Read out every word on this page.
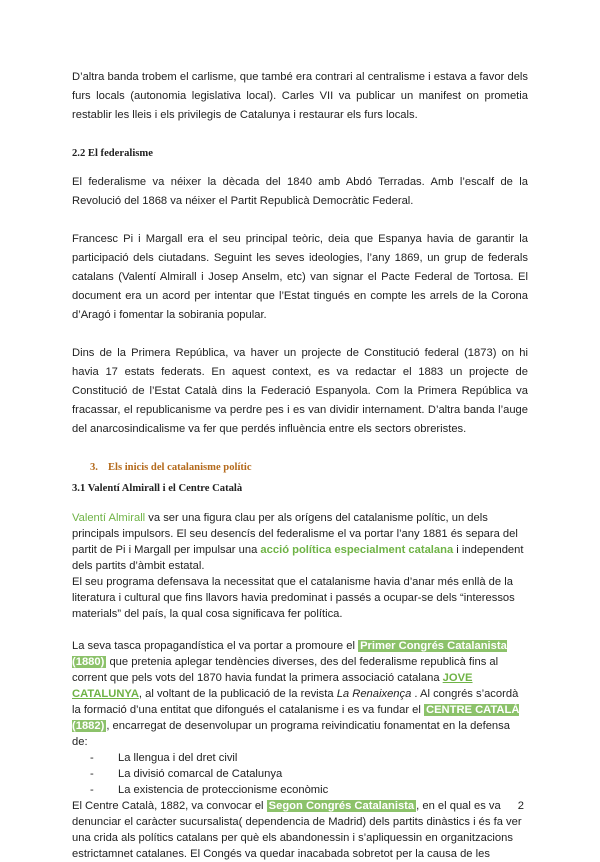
D’altra banda trobem el carlisme, que també era contrari al centralisme i estava a favor dels furs locals (autonomia legislativa local). Carles VII va publicar un manifest on prometia restablir les lleis i els privilegis de Catalunya i restaurar els furs locals.

2.2 El federalisme

El federalisme va néixer la dècada del 1840 amb Abdó Terradas. Amb l’escalf de la Revolució del 1868 va néixer el Partit Republicà Democràtic Federal.

Francesc Pi i Margall era el seu principal teòric, deia que Espanya havia de garantir la participació dels ciutadans. Seguint les seves ideologies, l’any 1869, un grup de federals catalans (Valentí Almirall i Josep Anselm, etc) van signar el Pacte Federal de Tortosa. El document era un acord per intentar que l’Estat tingués en compte les arrels de la Corona d’Aragó i fomentar la sobirania popular.

Dins de la Primera República, va haver un projecte de Constitució federal (1873) on hi havia 17 estats federats. En aquest context, es va redactar el 1883 un projecte de Constitució de l’Estat Català dins la Federació Espanyola. Com la Primera República va fracassar, el republicanisme va perdre pes i es van dividir internament. D’altra banda l’auge del anarcosindicalisme va fer que perdés influència entre els sectors obreristes.

3. Els inicis del catalanisme polític

3.1 Valentí Almirall i el Centre Català

Valentí Almirall va ser una figura clau per als orígens del catalanisme polític, un dels principals impulsors. El seu desencís del federalisme el va portar l’any 1881 és separa del partit de Pi i Margall per impulsar una acció política especialment catalana i independent dels partits d’àmbit estatal.

El seu programa defensava la necessitat que el catalanisme havia d’anar més enllà de la literatura i cultural que fins llavors havia predominat i passés a ocupar-se dels “interessos materials” del país, la qual cosa significava fer política.

La seva tasca propagandística el va portar a promoure el Primer Congrés Catalanista (1880) que pretenia aplegar tendències diverses, des del federalisme republicà fins al corrent que pels vots del 1870 havia fundat la primera associació catalana JOVE CATALUNYA, al voltant de la publicació de la revista La Renaixença . Al congrés s’acordà la formació d’una entitat que difongués el catalanisme i es va fundar el CENTRE CATALÀ (1882) , encarregat de desenvolupar un programa reivindicatiu fonamentat en la defensa de:

- La llengua i del dret civil
- La divisió comarcal de Catalunya
- La existencia de proteccionisme econòmic

El Centre Català, 1882, va convocar el Segon Congrés Catalanista , en el qual es va denunciar el caràcter sucursalista( dependencia de Madrid) dels partits dinàstics i és fa ver una crida als polítics catalans per què els abandonessin i s’apliquessin en organitzacions estrictamnet catalanes. El Congés va quedar inacabada sobretot per la causa de les

2
